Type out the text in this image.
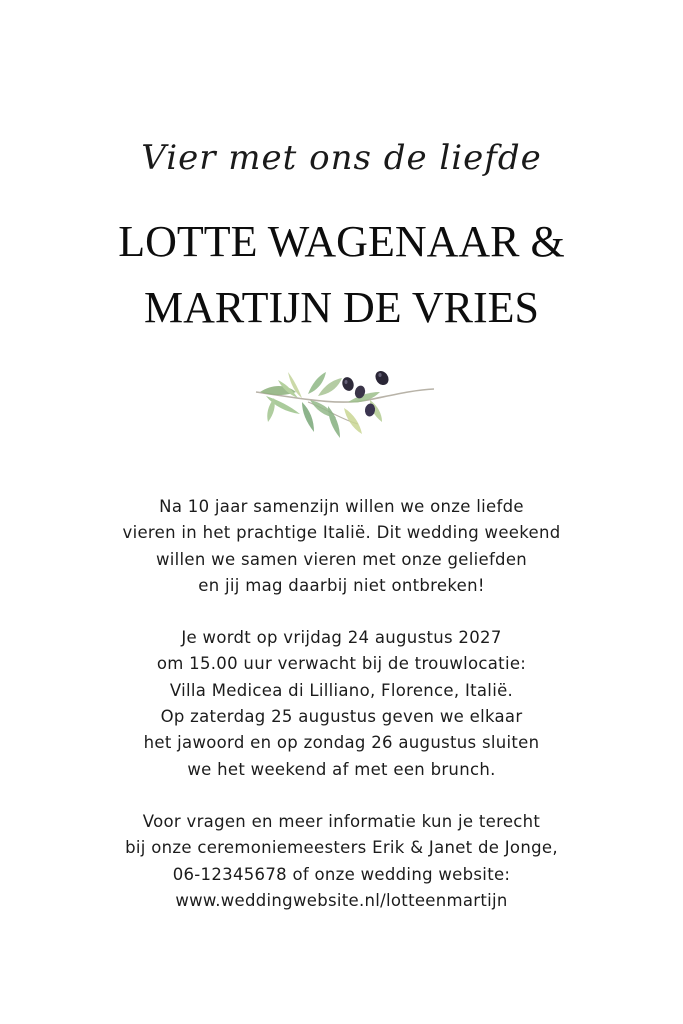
Vier met ons de liefde
LOTTE WAGENAAR &
MARTIJN DE VRIES
Na 10 jaar samenzijn willen we onze liefde
vieren in het prachtige Italië. Dit wedding weekend
willen we samen vieren met onze geliefden
en jij mag daarbij niet ontbreken!
Je wordt op vrijdag 24 augustus 2027
om 15.00 uur verwacht bij de trouwlocatie:
Villa Medicea di Lilliano, Florence, Italië.
Op zaterdag 25 augustus geven we elkaar
het jawoord en op zondag 26 augustus sluiten
we het weekend af met een brunch.
Voor vragen en meer informatie kun je terecht
bij onze ceremoniemeesters Erik & Janet de Jonge,
06-12345678 of onze wedding website:
www.weddingwebsite.nl/lotteenmartijn
